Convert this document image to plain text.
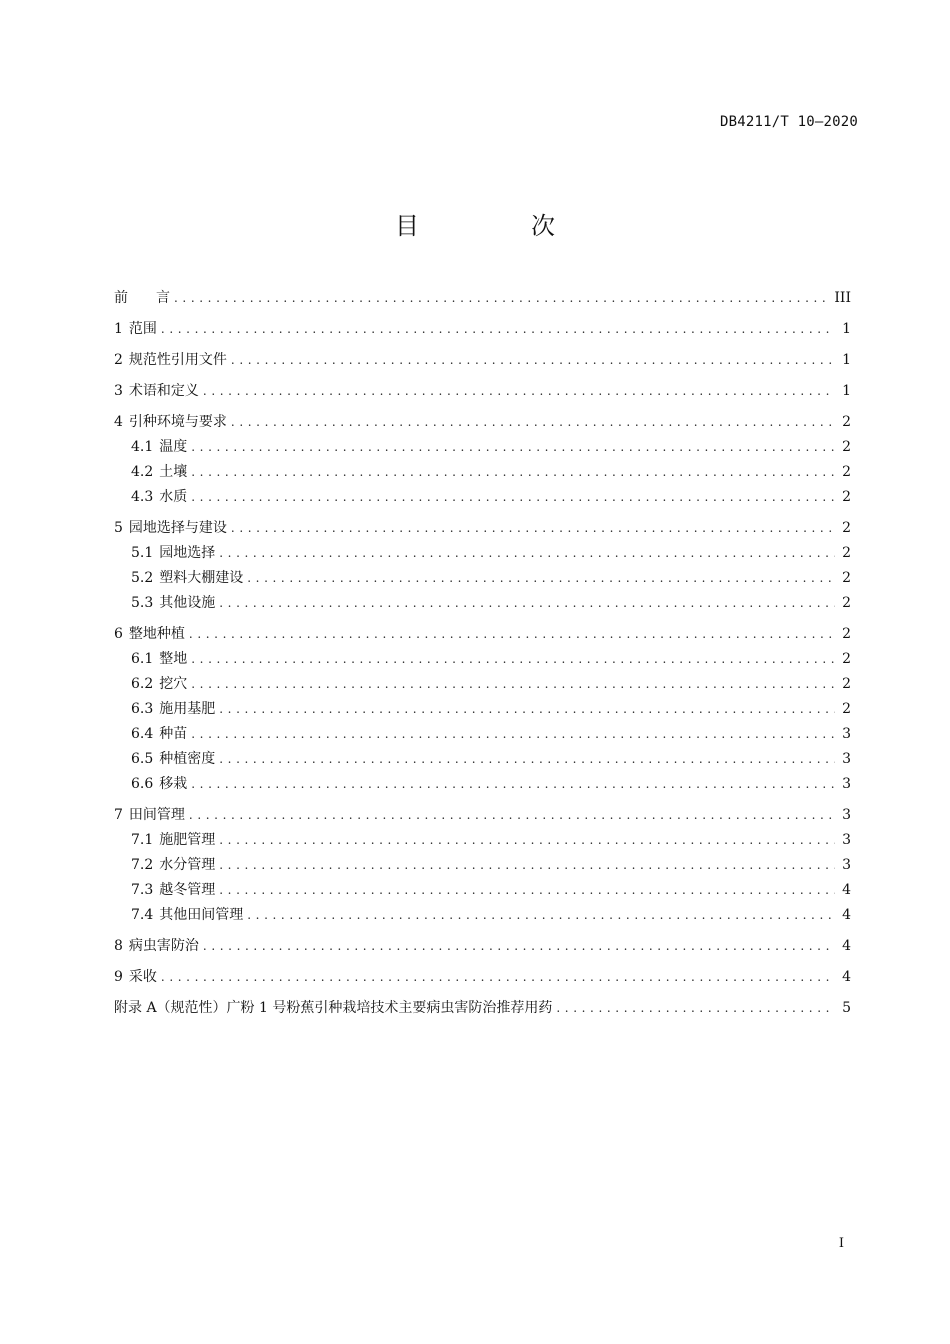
DB4211/T 10—2020
目　次
前　　言 .....	III
1 范围 .....	1
2 规范性引用文件 .....	1
3 术语和定义 .....	1
4 引种环境与要求 .....	2
4.1 温度 .....	2
4.2 土壤 .....	2
4.3 水质 .....	2
5 园地选择与建设 .....	2
5.1 园地选择 .....	2
5.2 塑料大棚建设 .....	2
5.3 其他设施 .....	2
6 整地种植 .....	2
6.1 整地 .....	2
6.2 挖穴 .....	2
6.3 施用基肥 .....	2
6.4 种苗 .....	3
6.5 种植密度 .....	3
6.6 移栽 .....	3
7 田间管理 .....	3
7.1 施肥管理 .....	3
7.2 水分管理 .....	3
7.3 越冬管理 .....	4
7.4 其他田间管理 .....	4
8 病虫害防治 .....	4
9 采收 .....	4
附录 A（规范性）广粉 1 号粉蕉引种栽培技术主要病虫害防治推荐用药 .....	5
I
